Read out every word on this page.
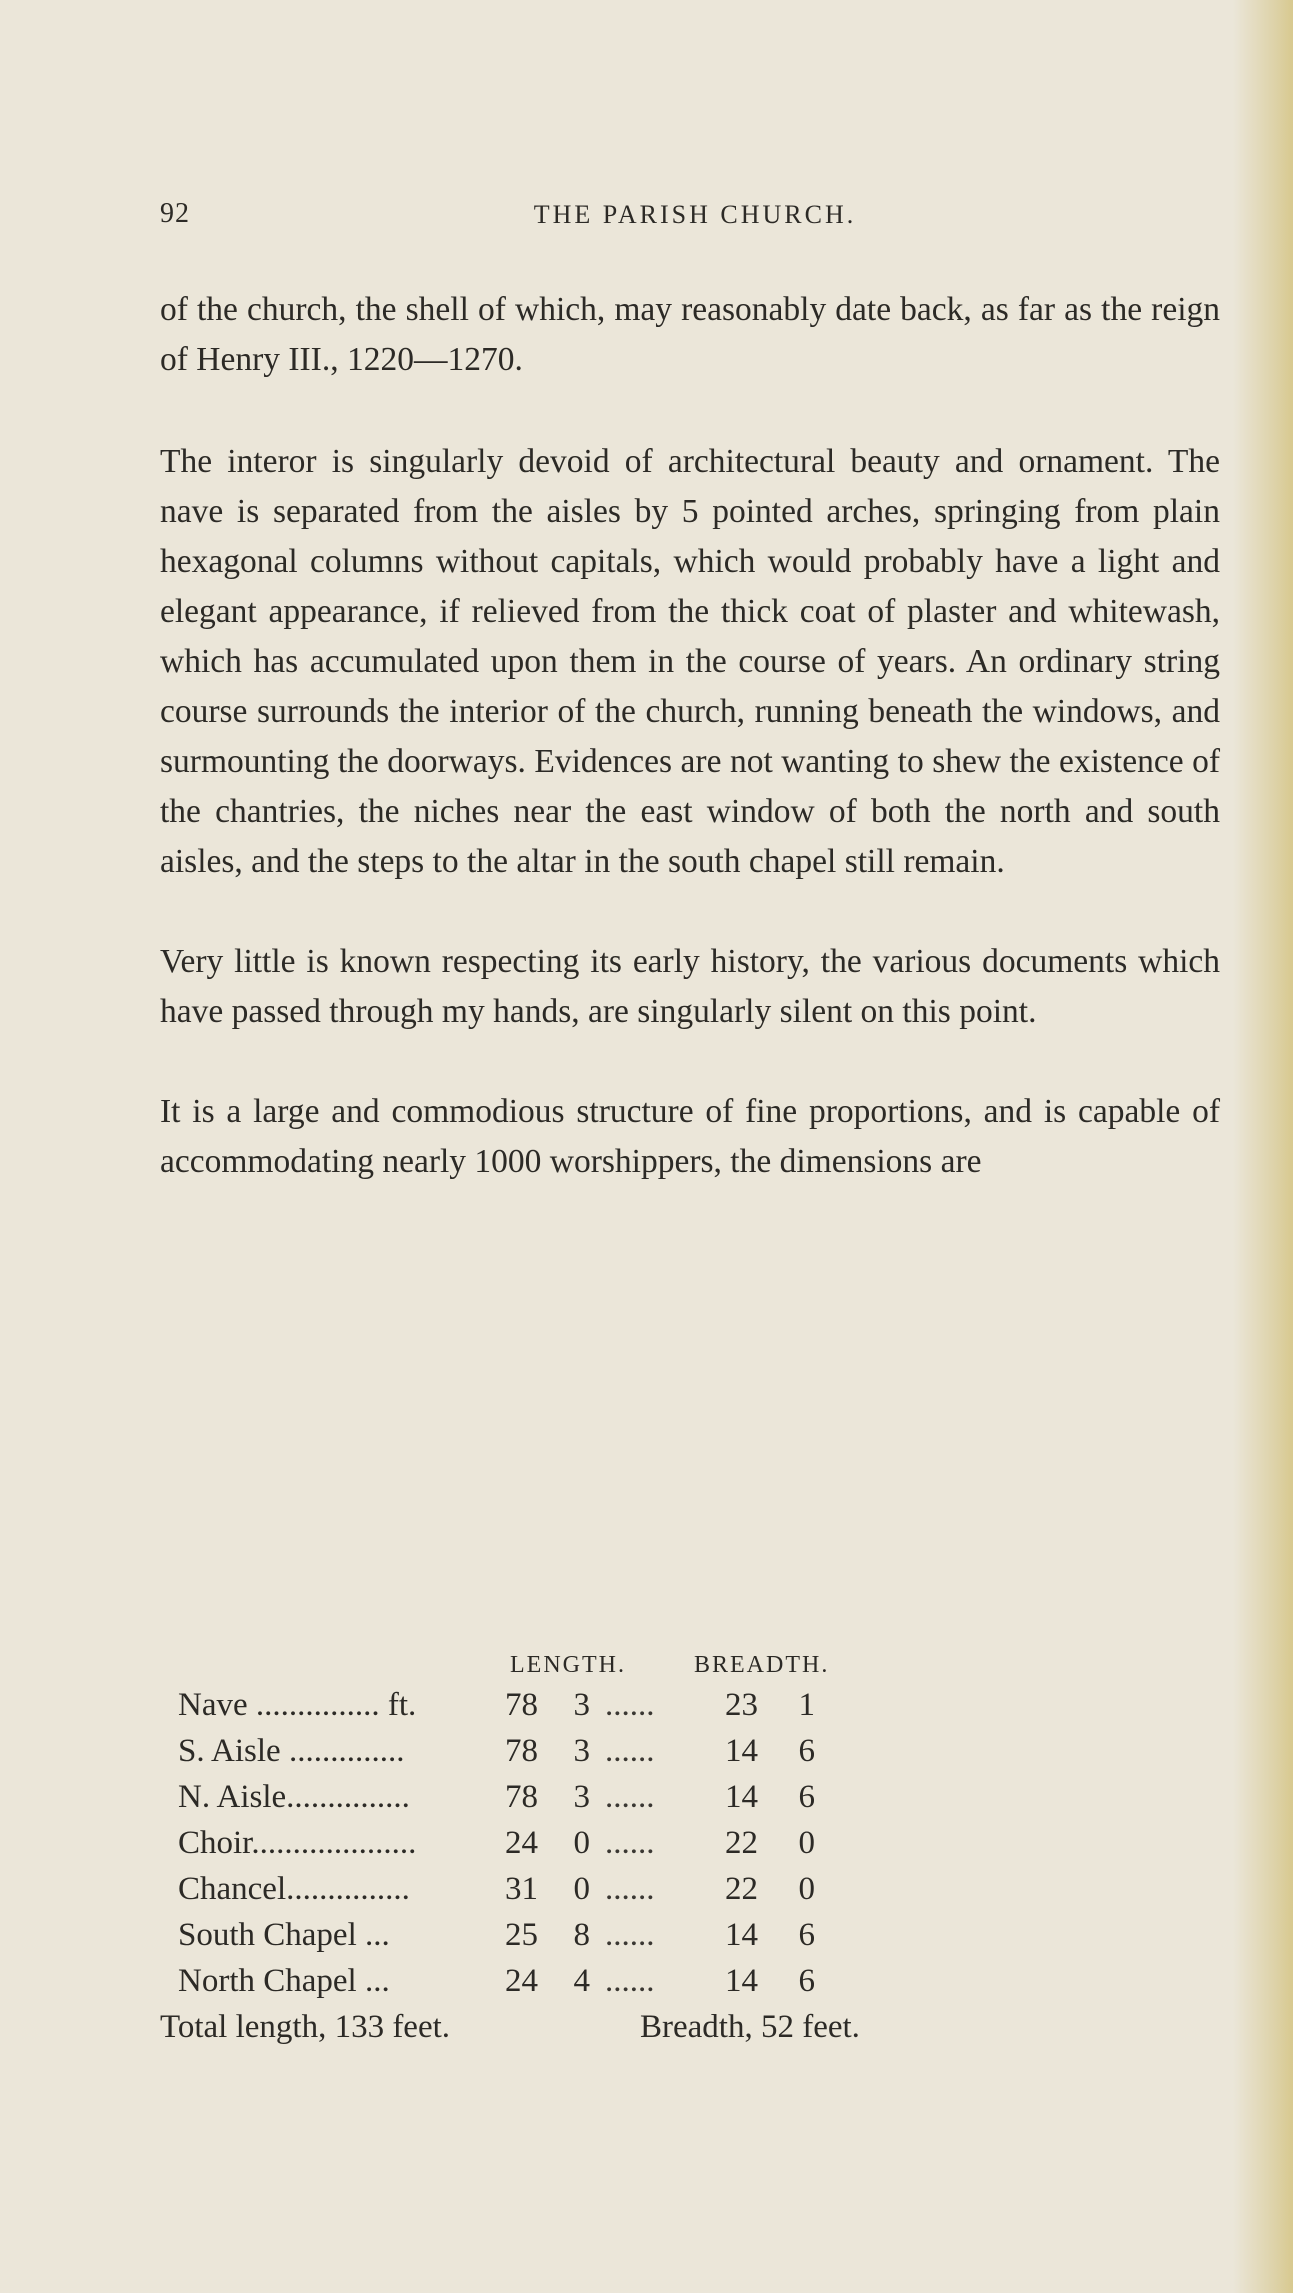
92	THE PARISH CHURCH.

of the church, the shell of which, may reasonably date back, as far as the reign of Henry III., 1220—1270.

The interor is singularly devoid of architectural beauty and ornament. The nave is separated from the aisles by 5 pointed arches, springing from plain hexagonal columns without capitals, which would probably have a light and elegant appearance, if relieved from the thick coat of plaster and whitewash, which has accumulated upon them in the course of years. An ordinary string course surrounds the interior of the church, running beneath the windows, and surmounting the doorways. Evidences are not wanting to shew the existence of the chantries, the niches near the east window of both the north and south aisles, and the steps to the altar in the south chapel still remain.

Very little is known respecting its early history, the various documents which have passed through my hands, are singularly silent on this point.

It is a large and commodious structure of fine proportions, and is capable of accommodating nearly 1000 worshippers, the dimensions are

LENGTH.	BREADTH.
Nave ............... ft.	78	3 ......	23	1
S. Aisle ..............	78	3 ......	14	6
N. Aisle...............	78	3 ......	14	6
Choir....................	24	0 ......	22	0
Chancel...............	31	0 ......	22	0
South Chapel ...	25	8 ......	14	6
North Chapel ...	24	4 ......	14	6
Total length, 133 feet.	Breadth, 52 feet.
